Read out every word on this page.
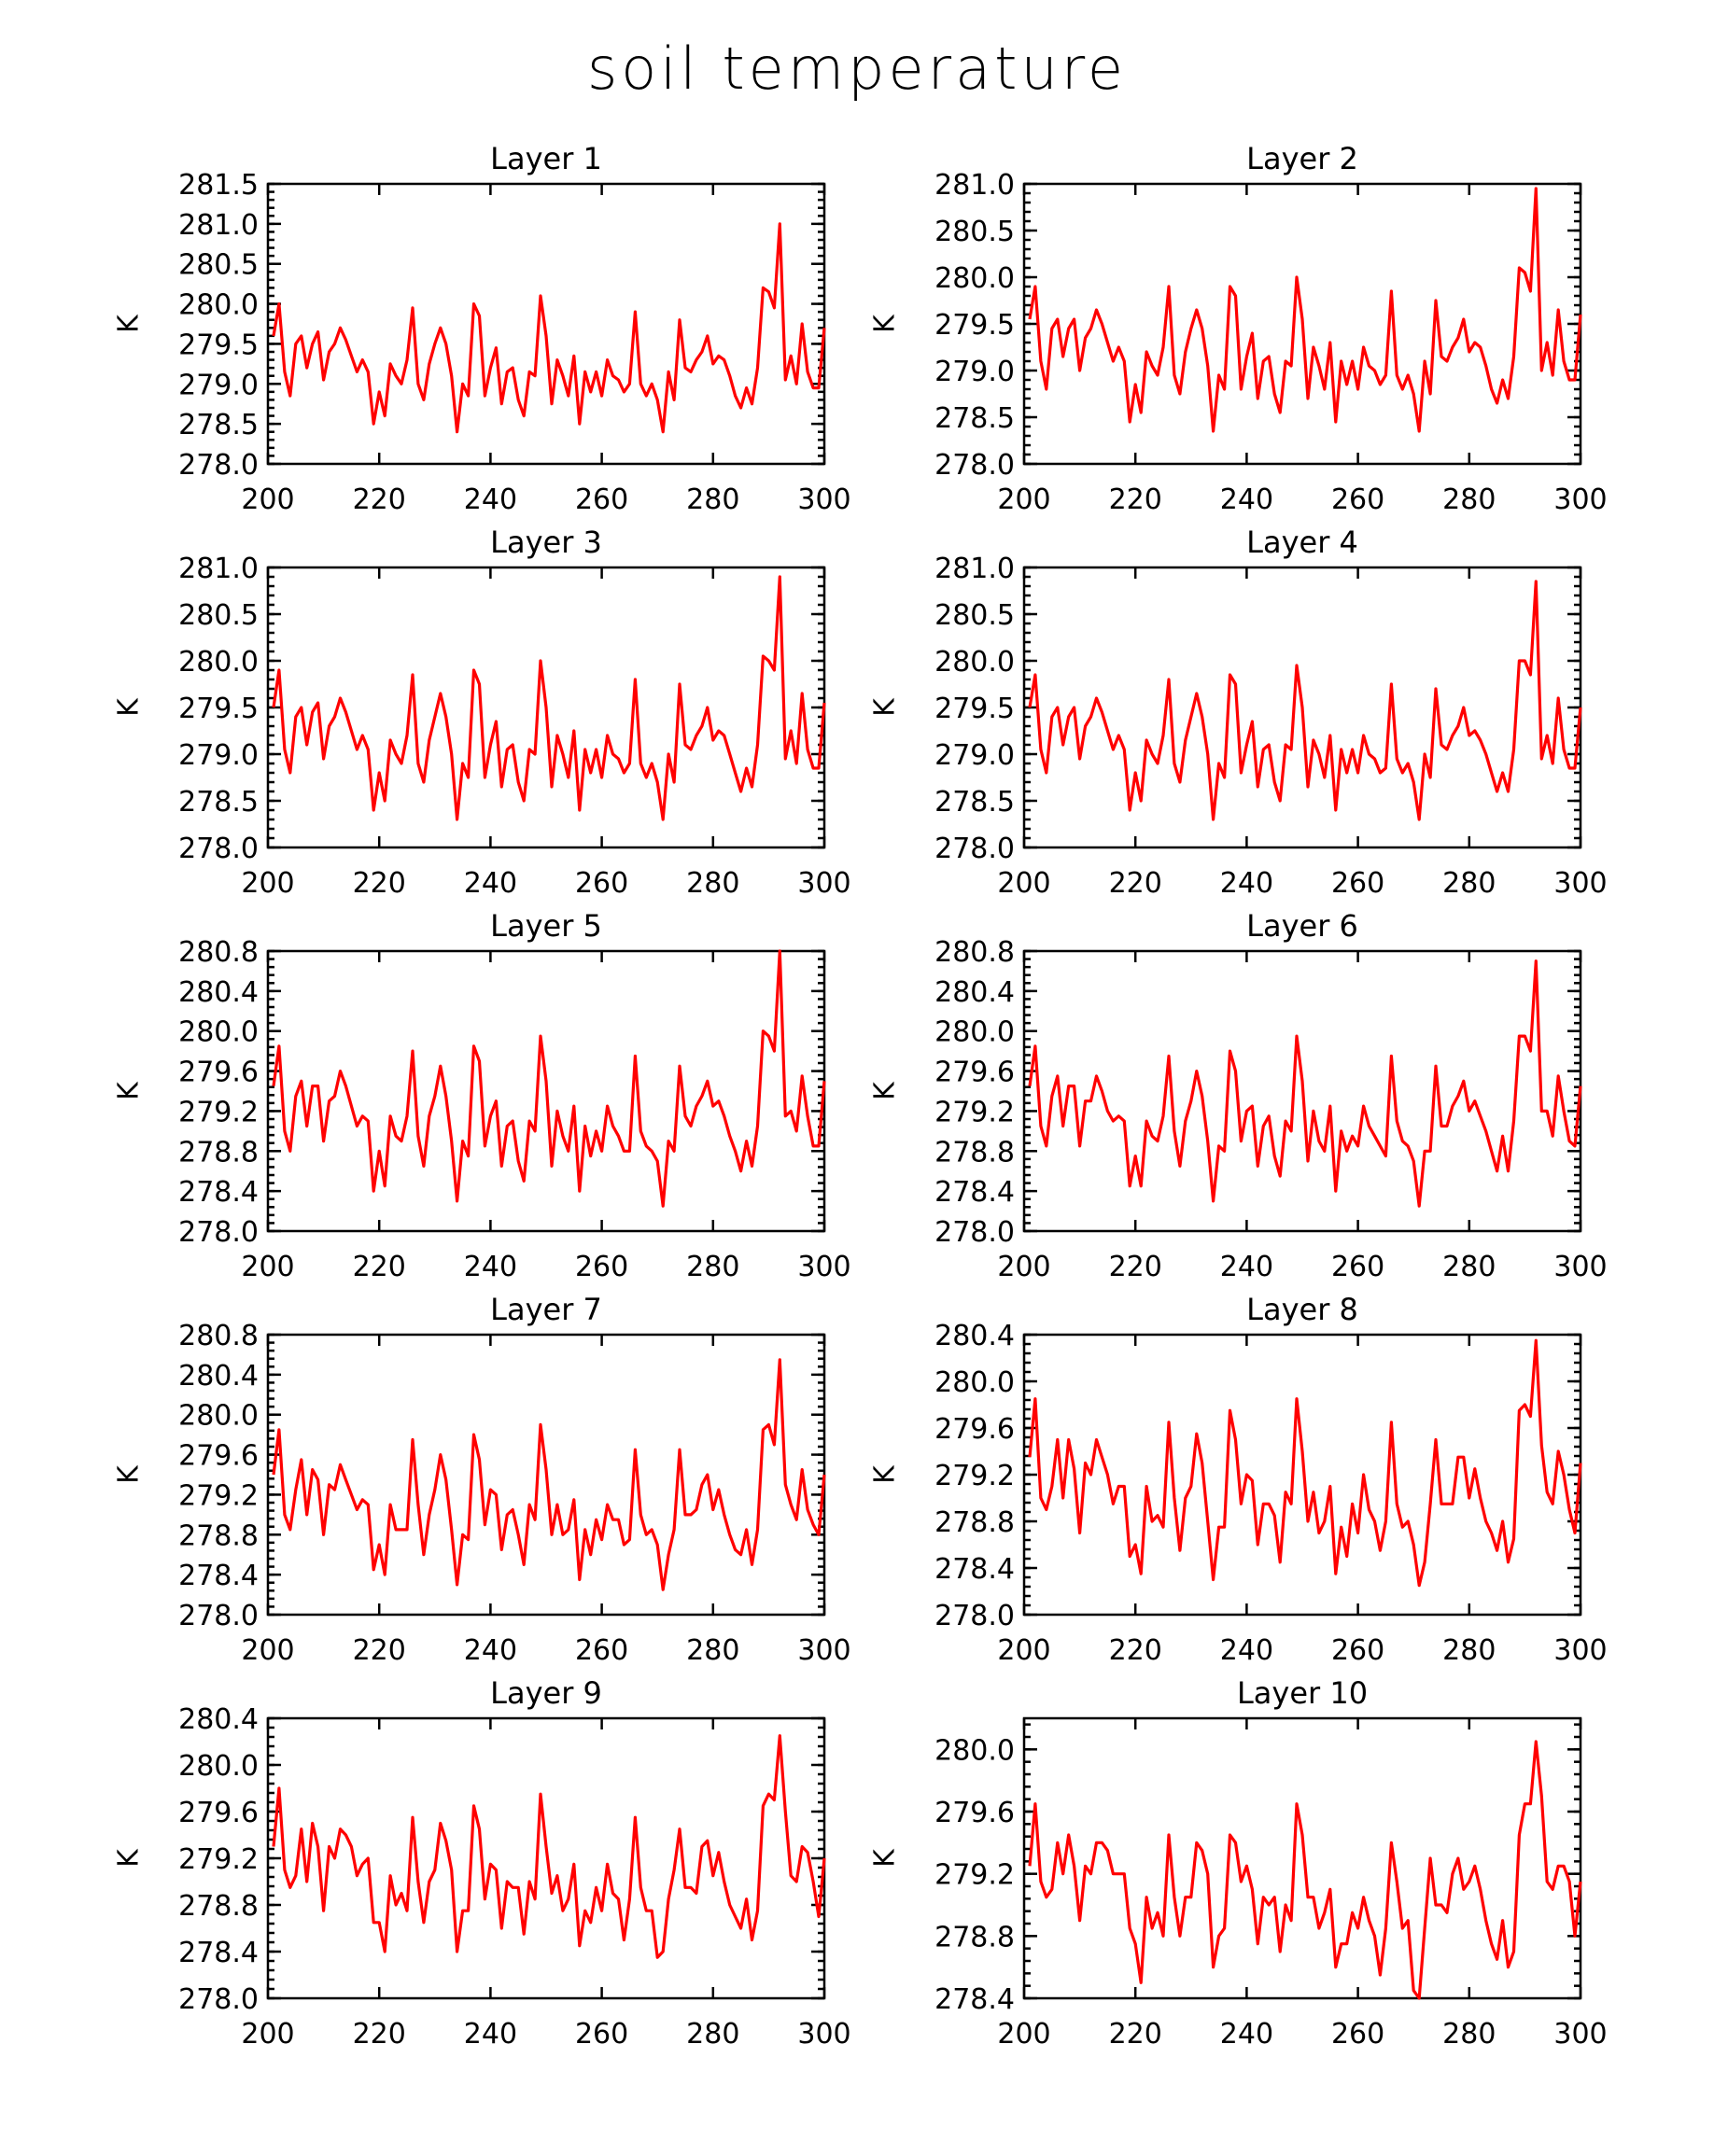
soil temperature
Layer 1
K
200 220 240 260 280 300
278.0
278.5
279.0
279.5
280.0
280.5
281.0
281.5
Layer 2
K
200 220 240 260 280 300
278.0
278.5
279.0
279.5
280.0
280.5
281.0
Layer 3
K
200 220 240 260 280 300
278.0
278.5
279.0
279.5
280.0
280.5
281.0
Layer 4
K
200 220 240 260 280 300
278.0
278.5
279.0
279.5
280.0
280.5
281.0
Layer 5
K
200 220 240 260 280 300
278.0
278.4
278.8
279.2
279.6
280.0
280.4
280.8
Layer 6
K
200 220 240 260 280 300
278.0
278.4
278.8
279.2
279.6
280.0
280.4
280.8
Layer 7
K
200 220 240 260 280 300
278.0
278.4
278.8
279.2
279.6
280.0
280.4
280.8
Layer 8
K
200 220 240 260 280 300
278.0
278.4
278.8
279.2
279.6
280.0
280.4
Layer 9
K
200 220 240 260 280 300
278.0
278.4
278.8
279.2
279.6
280.0
280.4
Layer 10
K
200 220 240 260 280 300
278.4
278.8
279.2
279.6
280.0
